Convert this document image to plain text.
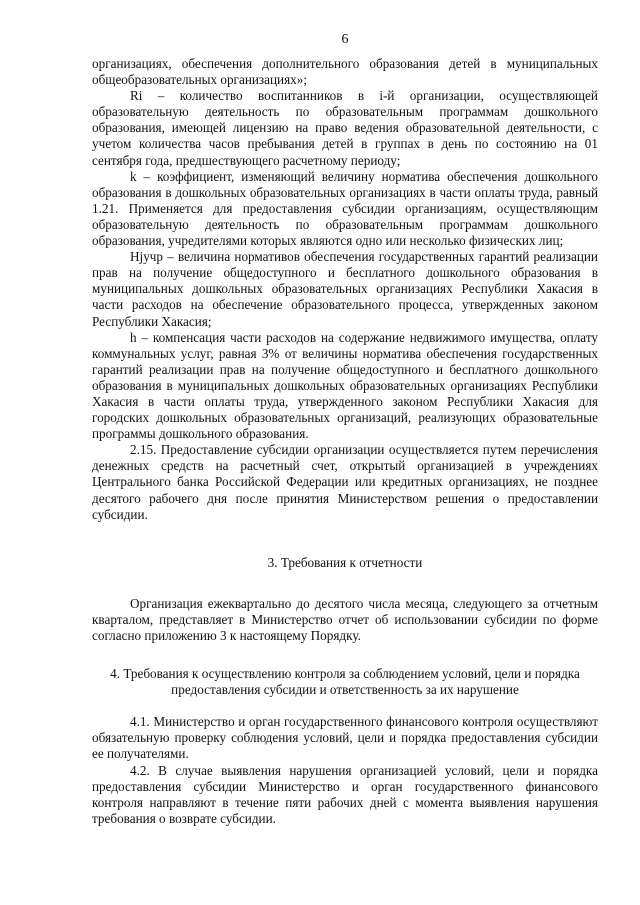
6

организациях, обеспечения дополнительного образования детей в муниципальных общеобразовательных организациях»;

Ri – количество воспитанников в i-й организации, осуществляющей образовательную деятельность по образовательным программам дошкольного образования, имеющей лицензию на право ведения образовательной деятельности, с учетом количества часов пребывания детей в группах в день по состоянию на 01 сентября года, предшествующего расчетному периоду;

k – коэффициент, изменяющий величину норматива обеспечения дошкольного образования в дошкольных образовательных организациях в части оплаты труда, равный 1.21. Применяется для предоставления субсидии организациям, осуществляющим образовательную деятельность по образовательным программам дошкольного образования, учредителями которых являются одно или несколько физических лиц;

Нјучр – величина нормативов обеспечения государственных гарантий реализации прав на получение общедоступного и бесплатного дошкольного образования в муниципальных дошкольных образовательных организациях Республики Хакасия в части расходов на обеспечение образовательного процесса, утвержденных законом Республики Хакасия;

h – компенсация части расходов на содержание недвижимого имущества, оплату коммунальных услуг, равная 3% от величины норматива обеспечения государственных гарантий реализации прав на получение общедоступного и бесплатного дошкольного образования в муниципальных дошкольных образовательных организациях Республики Хакасия в части оплаты труда, утвержденного законом Республики Хакасия для городских дошкольных образовательных организаций, реализующих образовательные программы дошкольного образования.

2.15. Предоставление субсидии организации осуществляется путем перечисления денежных средств на расчетный счет, открытый организацией в учреждениях Центрального банка Российской Федерации или кредитных организациях, не позднее десятого рабочего дня после принятия Министерством решения о предоставлении субсидии.

3. Требования к отчетности

Организация ежеквартально до десятого числа месяца, следующего за отчетным кварталом, представляет в Министерство отчет об использовании субсидии по форме согласно приложению 3 к настоящему Порядку.

4. Требования к осуществлению контроля за соблюдением условий, цели и порядка
предоставления субсидии и ответственность за их нарушение

4.1. Министерство и орган государственного финансового контроля осуществляют обязательную проверку соблюдения условий, цели и порядка предоставления субсидии ее получателями.

4.2. В случае выявления нарушения организацией условий, цели и порядка предоставления субсидии Министерство и орган государственного финансового контроля направляют в течение пяти рабочих дней с момента выявления нарушения требования о возврате субсидии.
